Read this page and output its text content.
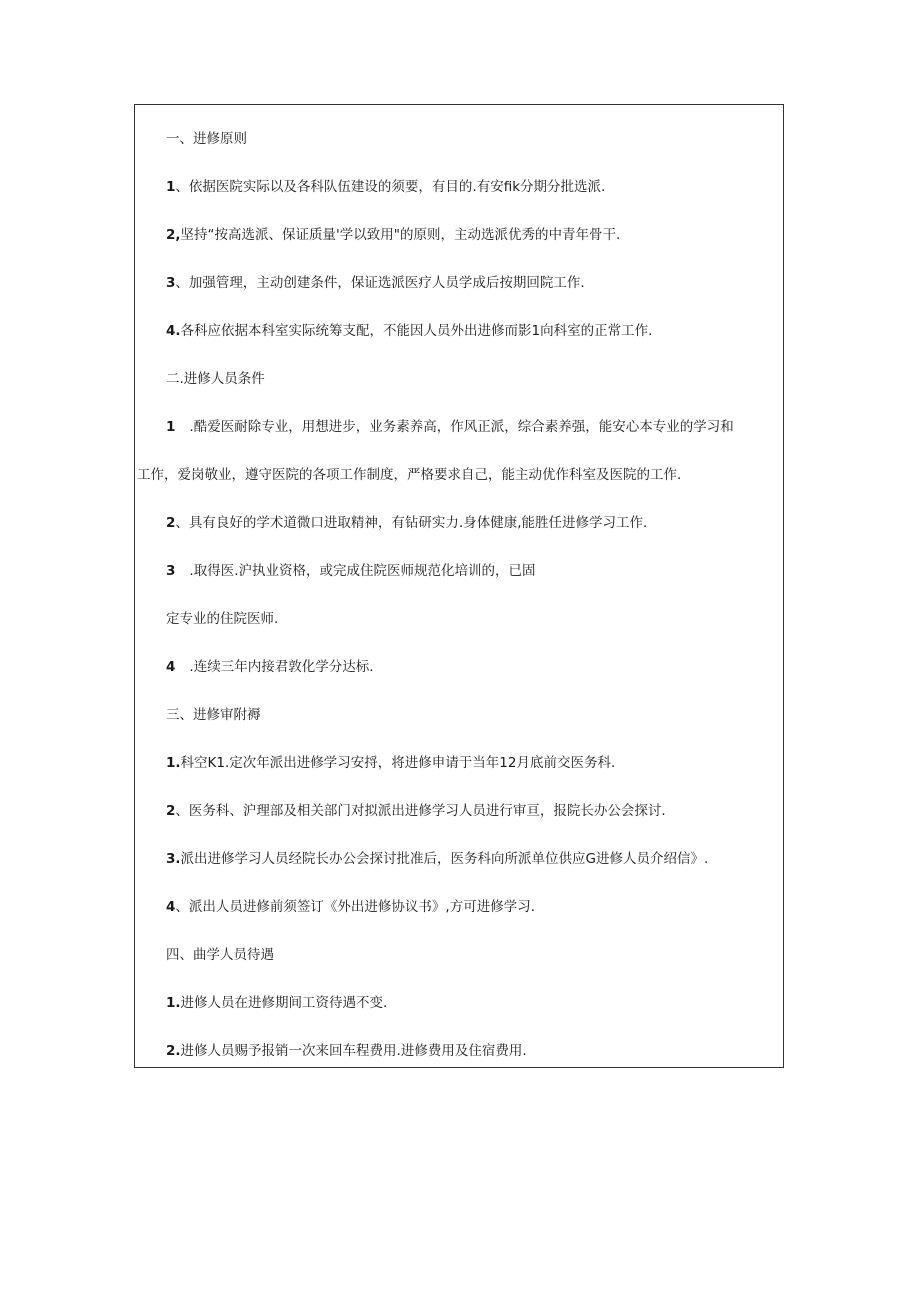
一、进修原则

1、依据医院实际以及各科队伍建设的须要，有目的.有安fik分期分批选派.

2,坚持“按高选派、保证质量'学以致用"的原则，主动选派优秀的中青年骨干.

3、加强管理，主动创建条件，保证选派医疗人员学成后按期回院工作.

4.各科应依据本科室实际统筹支配，不能因人员外出进修而影1向科室的正常工作.

二.进修人员条件

1 .酷爱医耐除专业，用想进步，业务素养高，作风正派，综合素养强，能安心本专业的学习和

工作，爱岗敬业，遵守医院的各项工作制度，严格要求自己，能主动优作科室及医院的工作.

2、具有良好的学术道微口进取精神，有钻研实力.身体健康,能胜任进修学习工作.

3 .取得医.沪执业资格，或完成住院医师规范化培训的，已固

定专业的住院医师.

4 .连续三年内接君敦化学分达标.

三、进修审附褥

1.科空K1.定次年派出进修学习安捋，将进修申请于当年12月底前交医务科.

2、医务科、沪理部及相关部门对拟派出进修学习人员进行审亘，报院长办公会探讨.

3.派出进修学习人员经院长办公会探讨批准后，医务科向所派单位供应G进修人员介绍信》.

4、派出人员进修前须签订《外出进修协议书》,方可进修学习.

四、曲学人员待遇

1.进修人员在进修期间工资待遇不变.

2.进修人员赐予报销一次来回车程费用.进修费用及住宿费用.
